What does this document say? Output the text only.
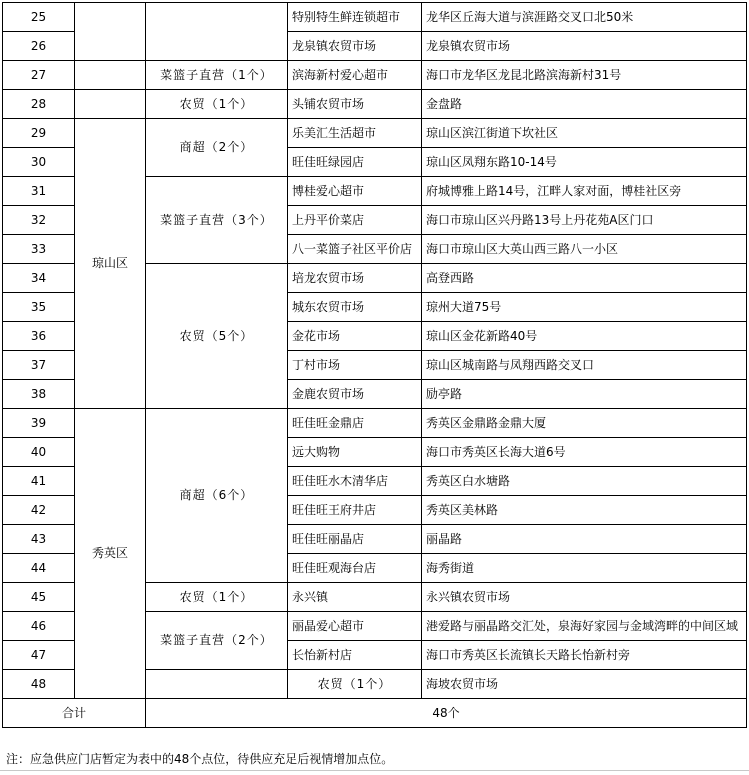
25			特别特生鲜连锁超市	龙华区丘海大道与滨涯路交叉口北50米	
26			龙泉镇农贸市场	龙泉镇农贸市场	
27		菜篮子直营（1个）	滨海新村爱心超市	海口市龙华区龙昆北路滨海新村31号	
28		农贸（1个）	头铺农贸市场	金盘路	
29	琼山区	商超（2个）	乐美汇生活超市	琼山区滨江街道下坎社区	
30			旺佳旺绿园店	琼山区凤翔东路10-14号	
31		菜篮子直营（3个）	博桂爱心超市	府城博雅上路14号，江畔人家对面，博桂社区旁	
32			上丹平价菜店	海口市琼山区兴丹路13号上丹花苑A区门口	
33			八一菜篮子社区平价店	海口市琼山区大英山西三路八一小区	
34		农贸（5个）	培龙农贸市场	高登西路	
35			城东农贸市场	琼州大道75号	
36			金花市场	琼山区金花新路40号	
37			丁村市场	琼山区城南路与凤翔西路交叉口	
38			金鹿农贸市场	励亭路	
39	秀英区	商超（6个）	旺佳旺金鼎店	秀英区金鼎路金鼎大厦	
40			远大购物	海口市秀英区长海大道6号	
41			旺佳旺水木清华店	秀英区白水塘路	
42			旺佳旺王府井店	秀英区美林路	
43			旺佳旺丽晶店	丽晶路	
44			旺佳旺观海台店	海秀街道	
45		农贸（1个）	永兴镇	永兴镇农贸市场	
46		菜篮子直营（2个）	丽晶爱心超市	港爱路与丽晶路交汇处，泉海好家园与金域湾畔的中间区域	
47			长怡新村店	海口市秀英区长流镇长天路长怡新村旁	
48			农贸（1个）	海坡农贸市场	
合计		48个			
注：应急供应门店暂定为表中的48个点位，待供应充足后视情增加点位。
